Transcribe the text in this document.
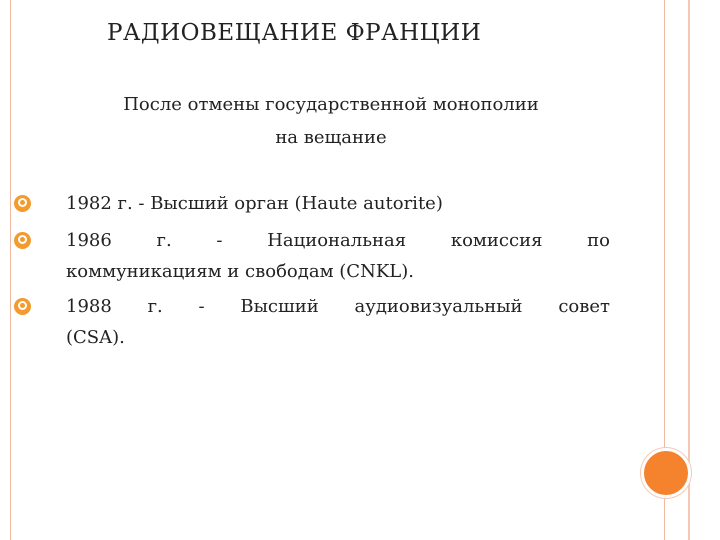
РАДИОВЕЩАНИЕ ФРАНЦИИ
После отмены государственной монополии
на вещание
1982 г. - Высший орган (Haute autorite)
1986 г. - Национальная комиссия по
коммуникациям и свободам (CNKL).
1988 г. - Высший аудиовизуальный совет
(CSA).
